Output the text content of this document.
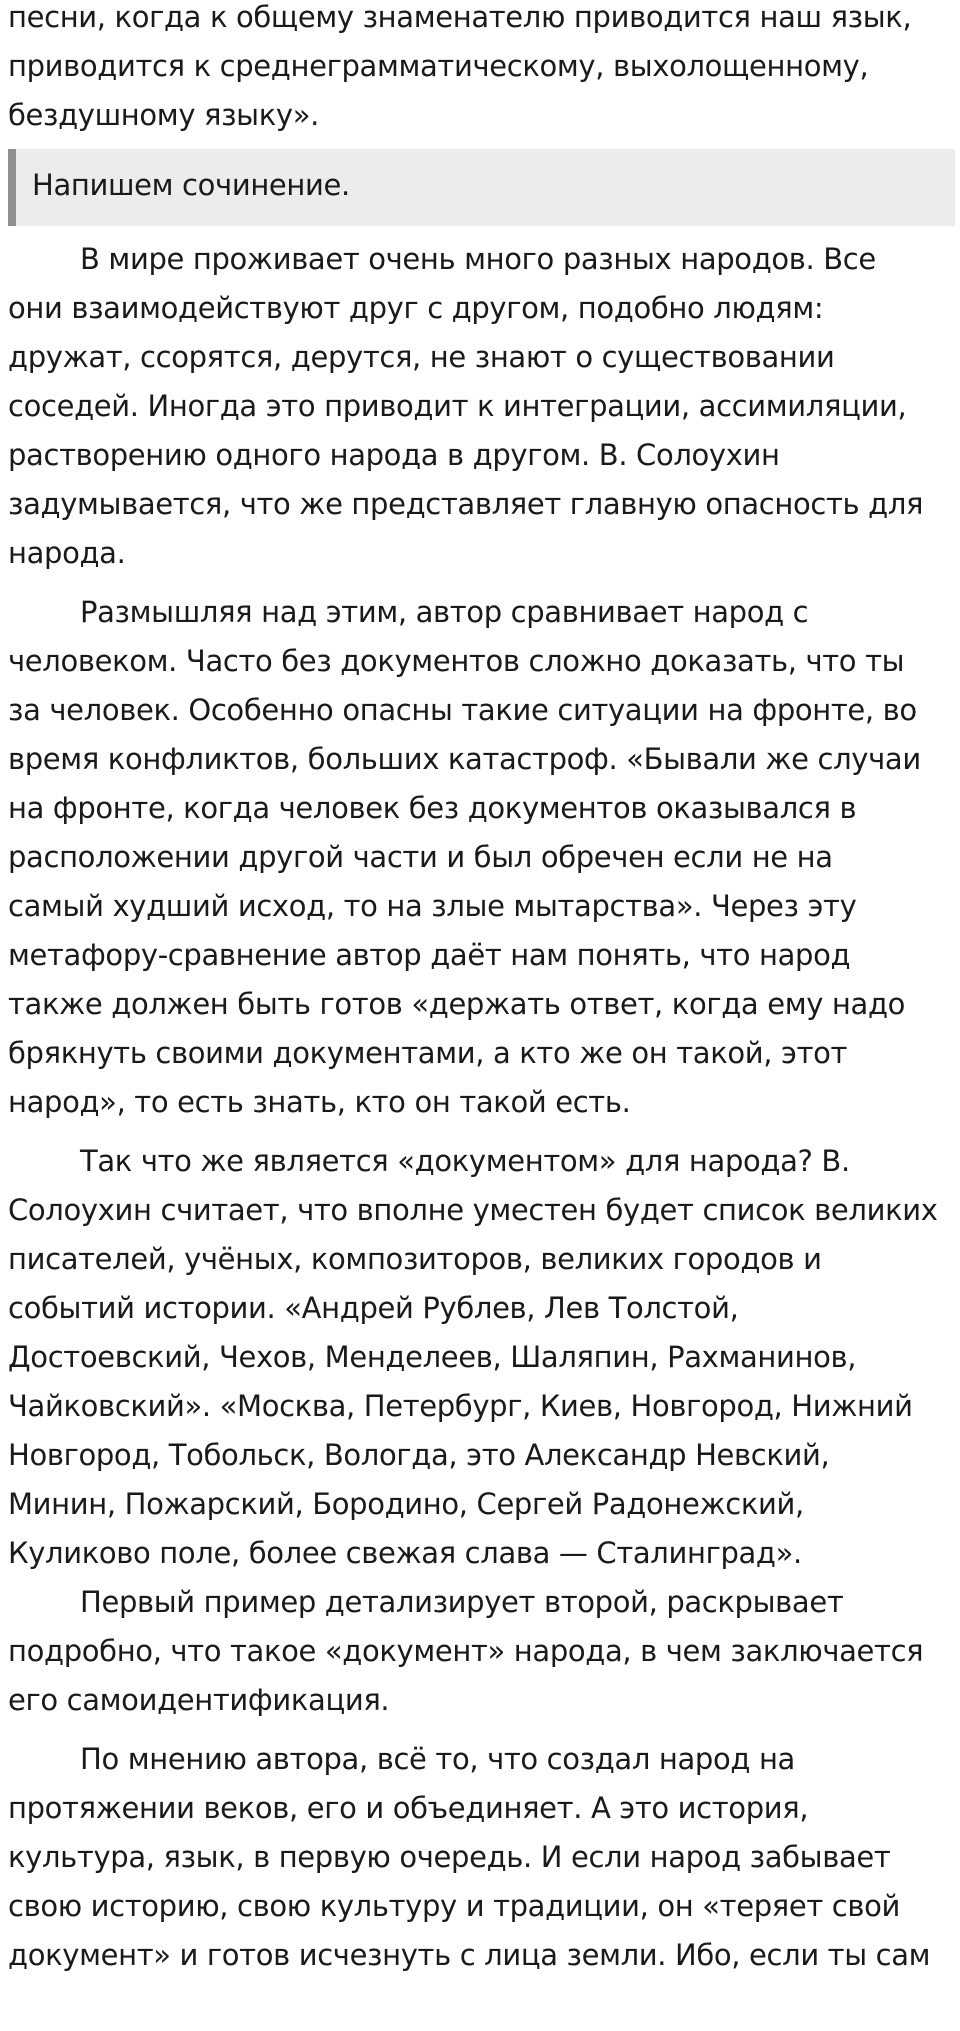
песни, когда к общему знаменателю приводится наш язык,
приводится к среднеграмматическому, выхолощенному,
бездушному языку».

Напишем сочинение.

В мире проживает очень много разных народов. Все
они взаимодействуют друг с другом, подобно людям:
дружат, ссорятся, дерутся, не знают о существовании
соседей. Иногда это приводит к интеграции, ассимиляции,
растворению одного народа в другом. В. Солоухин
задумывается, что же представляет главную опасность для
народа.

Размышляя над этим, автор сравнивает народ с
человеком. Часто без документов сложно доказать, что ты
за человек. Особенно опасны такие ситуации на фронте, во
время конфликтов, больших катастроф. «Бывали же случаи
на фронте, когда человек без документов оказывался в
расположении другой части и был обречен если не на
самый худший исход, то на злые мытарства». Через эту
метафору-сравнение автор даёт нам понять, что народ
также должен быть готов «держать ответ, когда ему надо
брякнуть своими документами, а кто же он такой, этот
народ», то есть знать, кто он такой есть.

Так что же является «документом» для народа? В.
Солоухин считает, что вполне уместен будет список великих
писателей, учёных, композиторов, великих городов и
событий истории. «Андрей Рублев, Лев Толстой,
Достоевский, Чехов, Менделеев, Шаляпин, Рахманинов,
Чайковский». «Москва, Петербург, Киев, Новгород, Нижний
Новгород, Тобольск, Вологда, это Александр Невский,
Минин, Пожарский, Бородино, Сергей Радонежский,
Куликово поле, более свежая слава — Сталинград».

Первый пример детализирует второй, раскрывает
подробно, что такое «документ» народа, в чем заключается
его самоидентификация.

По мнению автора, всё то, что создал народ на
протяжении веков, его и объединяет. А это история,
культура, язык, в первую очередь. И если народ забывает
свою историю, свою культуру и традиции, он «теряет свой
документ» и готов исчезнуть с лица земли. Ибо, если ты сам
